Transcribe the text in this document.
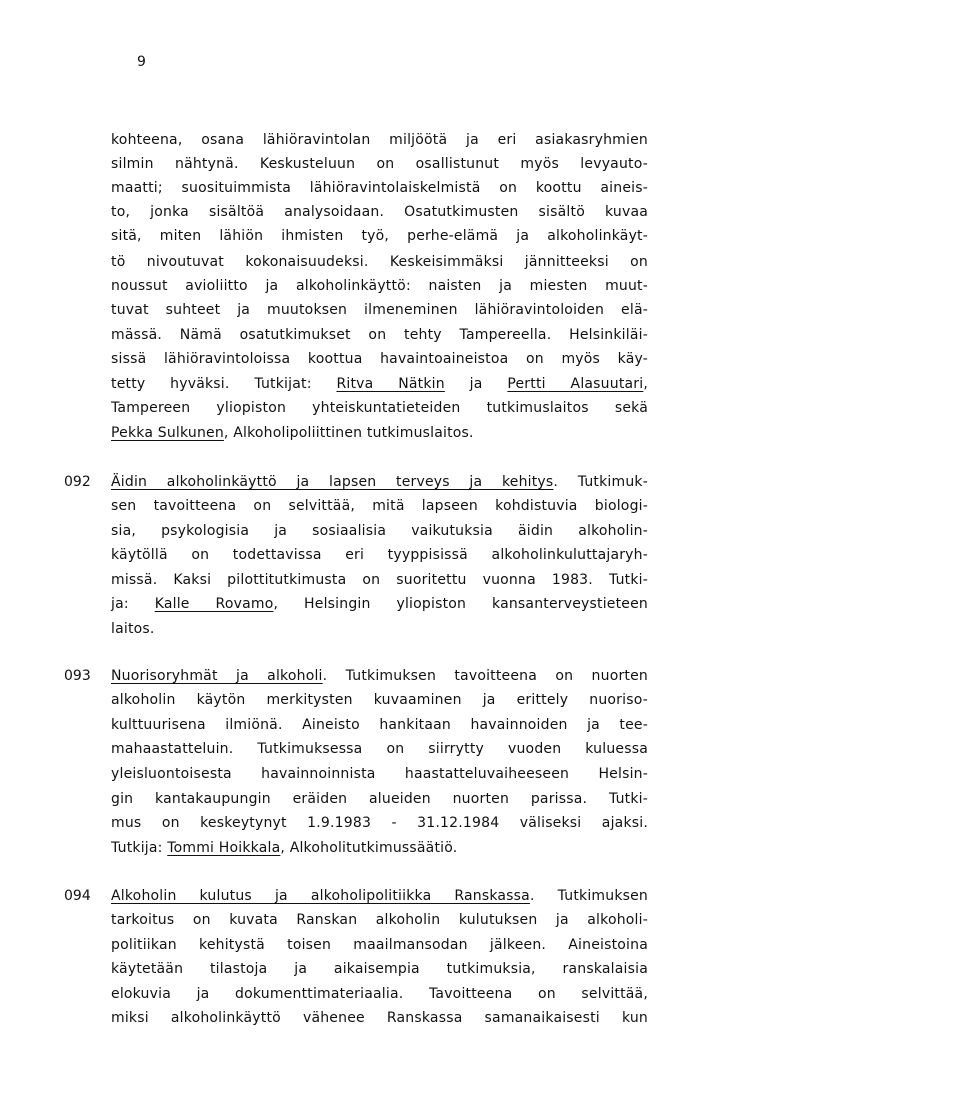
9
kohteena, osana lähiöravintolan miljöötä ja eri asiakasryhmien
silmin nähtynä. Keskusteluun on osallistunut myös levyauto-
maatti; suosituimmista lähiöravintolaiskelmistä on koottu aineis-
to, jonka sisältöä analysoidaan. Osatutkimusten sisältö kuvaa
sitä, miten lähiön ihmisten työ, perhe-elämä ja alkoholinkäyt-
tö nivoutuvat kokonaisuudeksi. Keskeisimmäksi jännitteeksi on
noussut avioliitto ja alkoholinkäyttö: naisten ja miesten muut-
tuvat suhteet ja muutoksen ilmeneminen lähiöravintoloiden elä-
mässä. Nämä osatutkimukset on tehty Tampereella. Helsinkiläi-
sissä lähiöravintoloissa koottua havaintoaineistoa on myös käy-
tetty hyväksi. Tutkijat: Ritva Nätkin ja Pertti Alasuutari,
Tampereen yliopiston yhteiskuntatieteiden tutkimuslaitos sekä
Pekka Sulkunen, Alkoholipoliittinen tutkimuslaitos.
092 Äidin alkoholinkäyttö ja lapsen terveys ja kehitys. Tutkimuk-
sen tavoitteena on selvittää, mitä lapseen kohdistuvia biologi-
sia, psykologisia ja sosiaalisia vaikutuksia äidin alkoholin-
käytöllä on todettavissa eri tyyppisissä alkoholinkuluttajaryh-
missä. Kaksi pilottitutkimusta on suoritettu vuonna 1983. Tutki-
ja: Kalle Rovamo, Helsingin yliopiston kansanterveystieteen
laitos.
093 Nuorisoryhmät ja alkoholi. Tutkimuksen tavoitteena on nuorten
alkoholin käytön merkitysten kuvaaminen ja erittely nuoriso-
kulttuurisena ilmiönä. Aineisto hankitaan havainnoiden ja tee-
mahaastatteluin. Tutkimuksessa on siirrytty vuoden kuluessa
yleisluontoisesta havainnoinnista haastatteluvaiheeseen Helsin-
gin kantakaupungin eräiden alueiden nuorten parissa. Tutki-
mus on keskeytynyt 1.9.1983 - 31.12.1984 väliseksi ajaksi.
Tutkija: Tommi Hoikkala, Alkoholitutkimussäätiö.
094 Alkoholin kulutus ja alkoholipolitiikka Ranskassa. Tutkimuksen
tarkoitus on kuvata Ranskan alkoholin kulutuksen ja alkoholi-
politiikan kehitystä toisen maailmansodan jälkeen. Aineistoina
käytetään tilastoja ja aikaisempia tutkimuksia, ranskalaisia
elokuvia ja dokumenttimateriaalia. Tavoitteena on selvittää,
miksi alkoholinkäyttö vähenee Ranskassa samanaikaisesti kun
